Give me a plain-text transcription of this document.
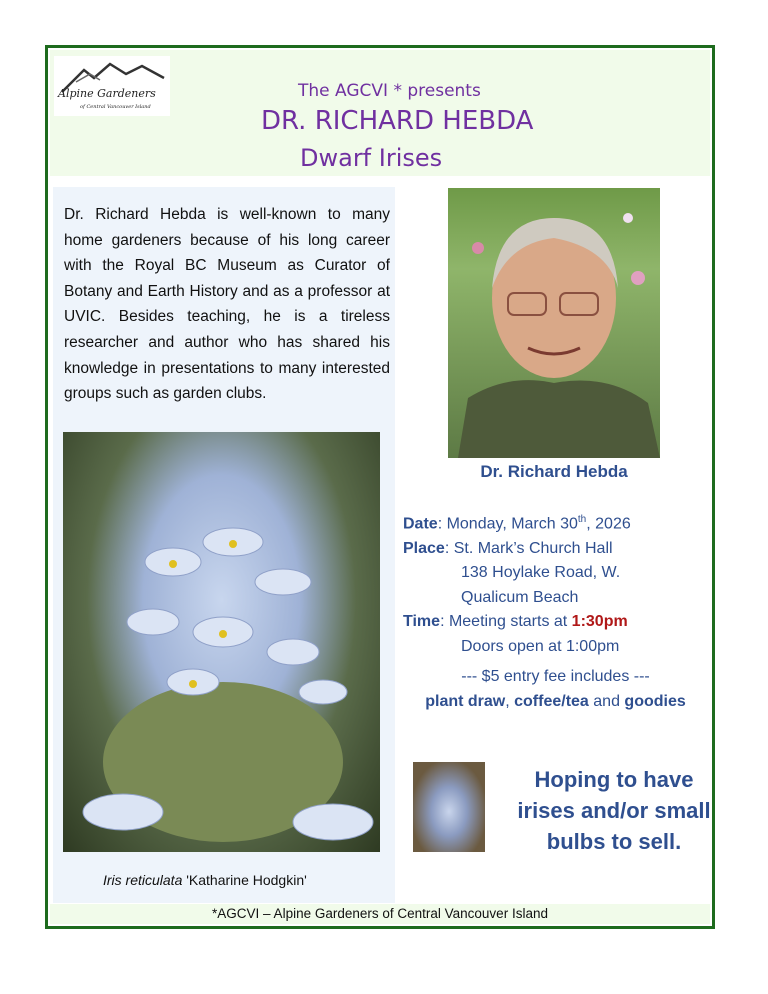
Alpine Gardeners
of Central Vancouver Island
The AGCVI * presents
DR. RICHARD HEBDA
Dwarf Irises
Dr. Richard Hebda is well-known to many home gardeners because of his long career with the Royal BC Museum as Curator of Botany and Earth History and as a professor at UVIC. Besides teaching, he is a tireless researcher and author who has shared his knowledge in presentations to many interested groups such as garden clubs.
Iris reticulata 'Katharine Hodgkin'
Dr. Richard Hebda
Date: Monday, March 30th, 2026
Place: St. Mark’s Church Hall
138 Hoylake Road, W.
Qualicum Beach
Time: Meeting starts at 1:30pm
Doors open at 1:00pm
--- $5 entry fee includes ---
plant draw, coffee/tea and goodies
Hoping to have irises and/or small bulbs to sell.
*AGCVI – Alpine Gardeners of Central Vancouver Island
